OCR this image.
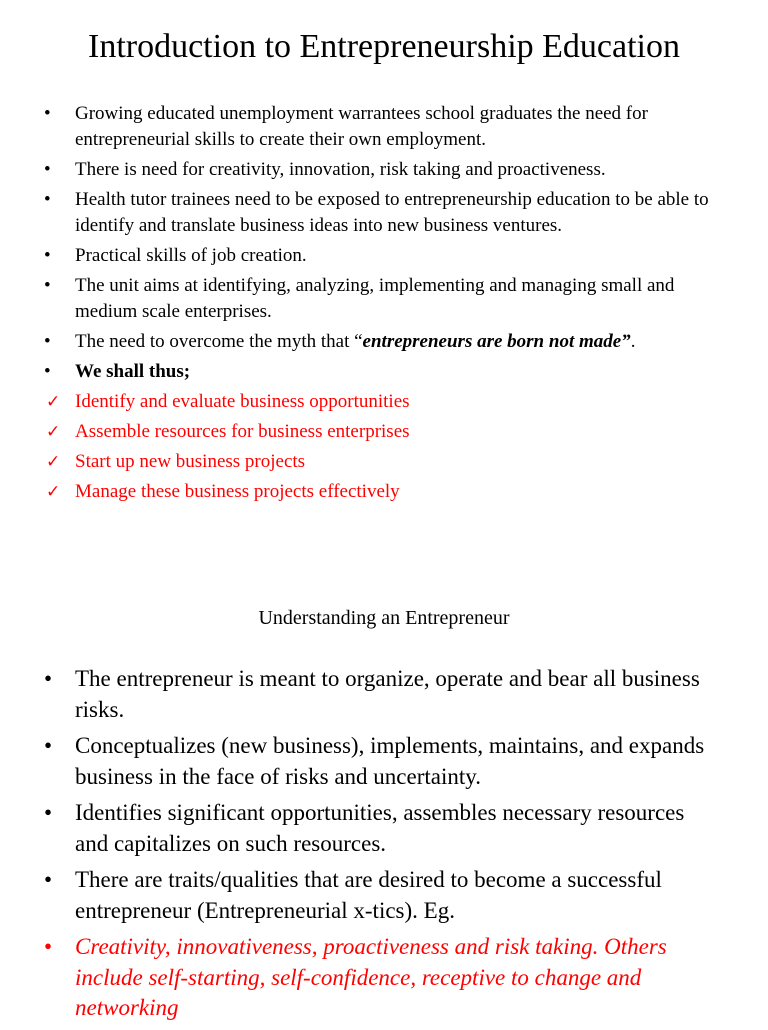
Introduction to Entrepreneurship Education
• Growing educated unemployment warrantees school graduates the need for entrepreneurial skills to create their own employment.
• There is need for creativity, innovation, risk taking and proactiveness.
• Health tutor trainees need to be exposed to entrepreneurship education to be able to identify and translate business ideas into new business ventures.
• Practical skills of job creation.
• The unit aims at identifying, analyzing, implementing and managing small and medium scale enterprises.
• The need to overcome the myth that “entrepreneurs are born not made”.
• We shall thus;
✓ Identify and evaluate business opportunities
✓ Assemble resources for business enterprises
✓ Start up new business projects
✓ Manage these business projects effectively
Understanding an Entrepreneur
• The entrepreneur is meant to organize, operate and bear all business risks.
• Conceptualizes (new business), implements, maintains, and expands business in the face of risks and uncertainty.
• Identifies significant opportunities, assembles necessary resources and capitalizes on such resources.
• There are traits/qualities that are desired to become a successful entrepreneur (Entrepreneurial x-tics). Eg.
• Creativity, innovativeness, proactiveness and risk taking. Others include self-starting, self-confidence, receptive to change and networking
